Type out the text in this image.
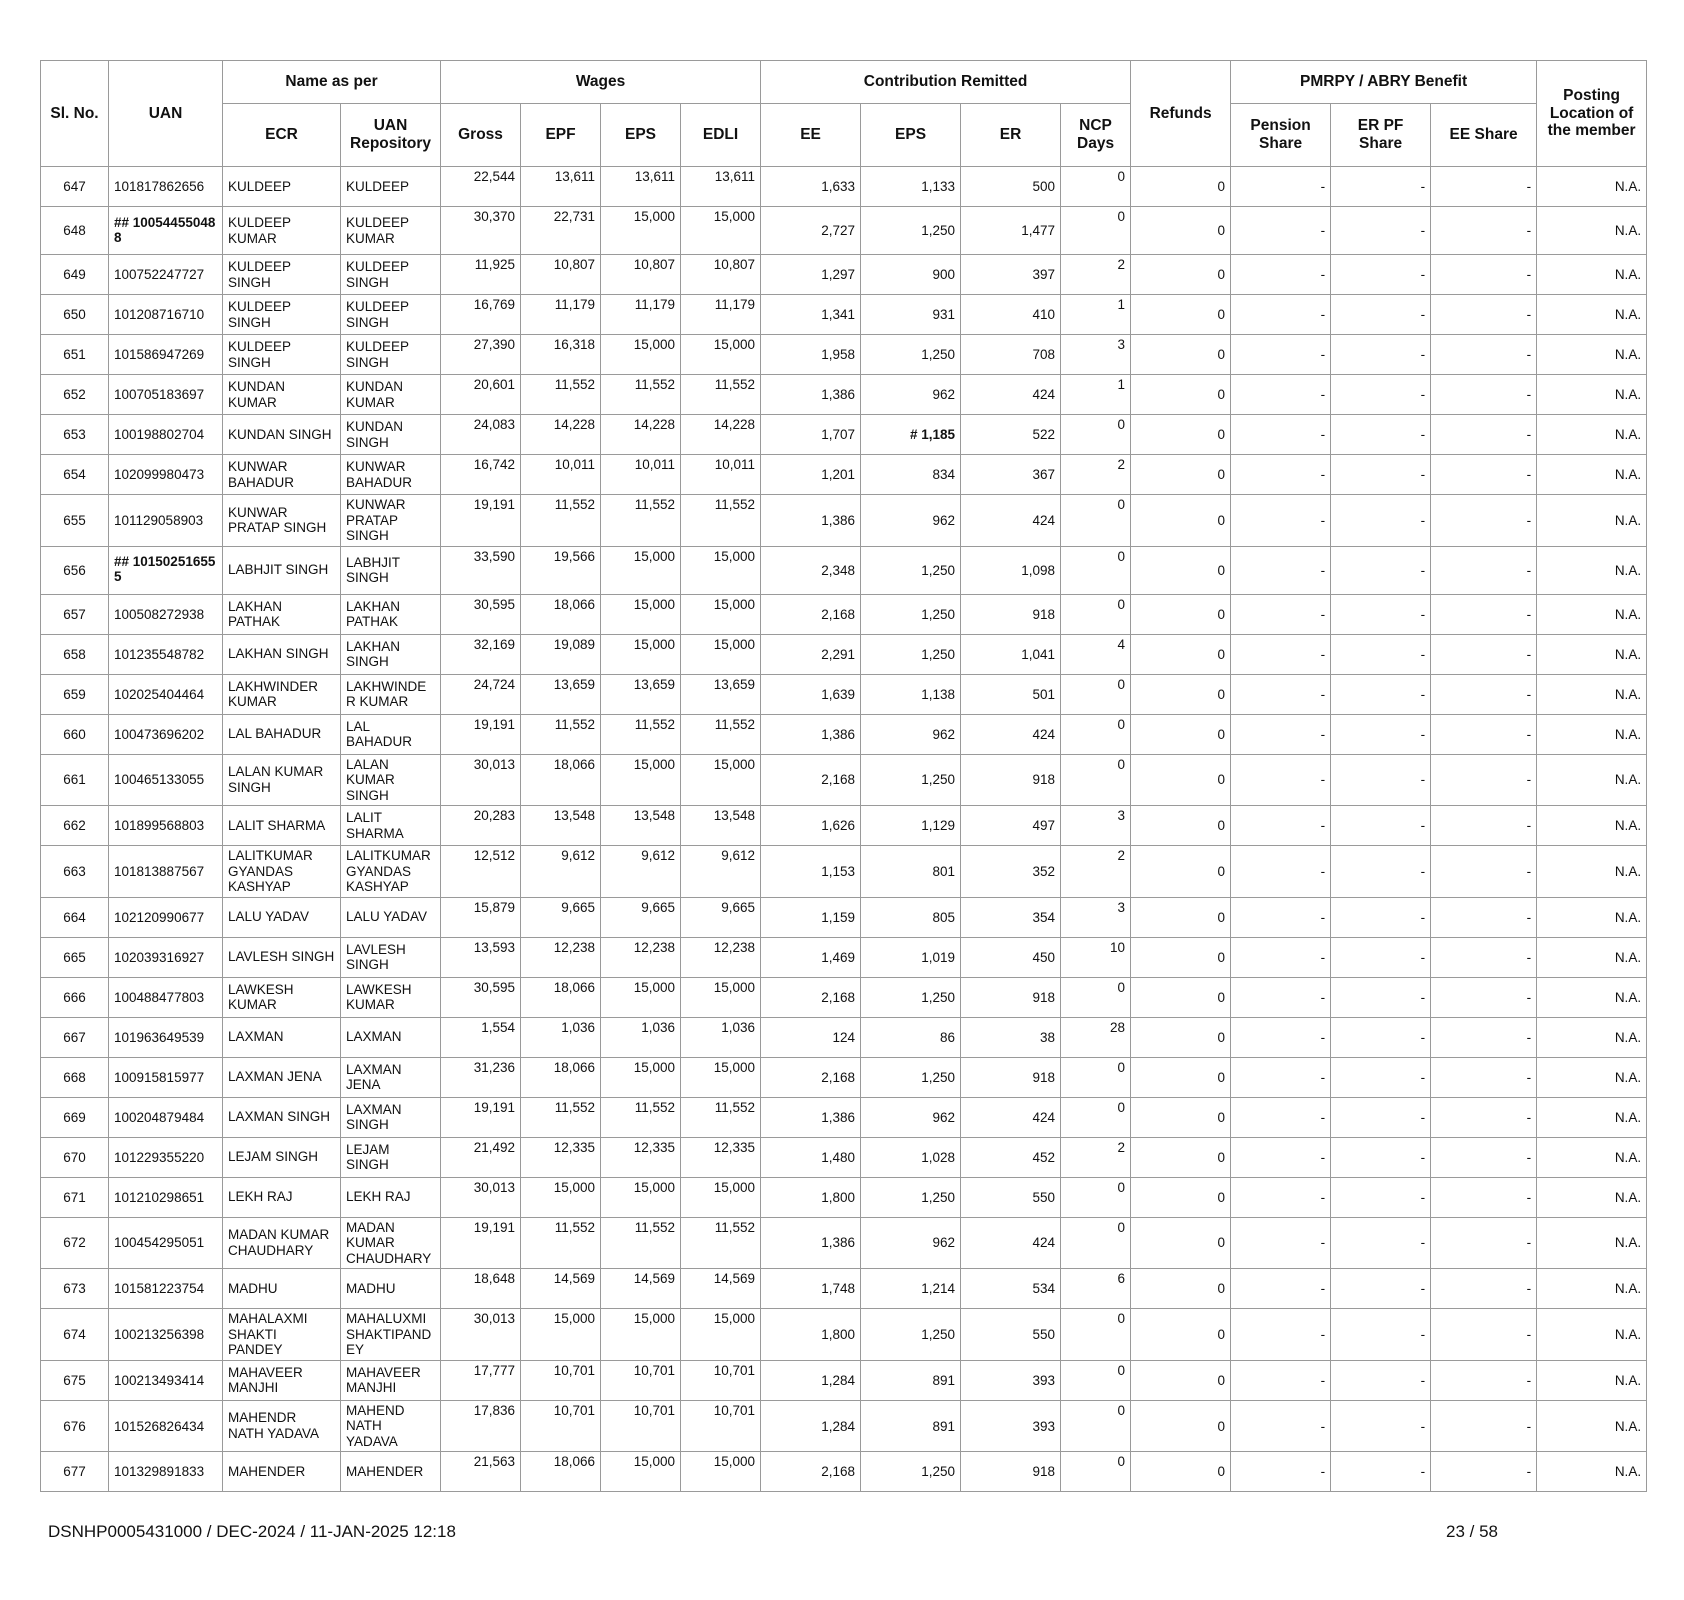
Sl. No.	UAN	Name as per		Wages				Contribution Remitted				Refunds	PMRPY / ABRY Benefit			Posting Location of the member
		ECR	UAN Repository	Gross	EPF	EPS	EDLI	EE	EPS	ER	NCP Days		Pension Share	ER PF Share	EE Share	
647	101817862656	KULDEEP	KULDEEP	22,544	13,611	13,611	13,611	1,633	1,133	500	0	0	-	-	-	N.A.
648	## 10054455048 8	KULDEEP KUMAR	KULDEEP KUMAR	30,370	22,731	15,000	15,000	2,727	1,250	1,477	0	0	-	-	-	N.A.
649	100752247727	KULDEEP SINGH	KULDEEP SINGH	11,925	10,807	10,807	10,807	1,297	900	397	2	0	-	-	-	N.A.
650	101208716710	KULDEEP SINGH	KULDEEP SINGH	16,769	11,179	11,179	11,179	1,341	931	410	1	0	-	-	-	N.A.
651	101586947269	KULDEEP SINGH	KULDEEP SINGH	27,390	16,318	15,000	15,000	1,958	1,250	708	3	0	-	-	-	N.A.
652	100705183697	KUNDAN KUMAR	KUNDAN KUMAR	20,601	11,552	11,552	11,552	1,386	962	424	1	0	-	-	-	N.A.
653	100198802704	KUNDAN SINGH	KUNDAN SINGH	24,083	14,228	14,228	14,228	1,707	# 1,185	522	0	0	-	-	-	N.A.
654	102099980473	KUNWAR BAHADUR	KUNWAR BAHADUR	16,742	10,011	10,011	10,011	1,201	834	367	2	0	-	-	-	N.A.
655	101129058903	KUNWAR PRATAP SINGH	KUNWAR PRATAP SINGH	19,191	11,552	11,552	11,552	1,386	962	424	0	0	-	-	-	N.A.
656	## 10150251655 5	LABHJIT SINGH	LABHJIT SINGH	33,590	19,566	15,000	15,000	2,348	1,250	1,098	0	0	-	-	-	N.A.
657	100508272938	LAKHAN PATHAK	LAKHAN PATHAK	30,595	18,066	15,000	15,000	2,168	1,250	918	0	0	-	-	-	N.A.
658	101235548782	LAKHAN SINGH	LAKHAN SINGH	32,169	19,089	15,000	15,000	2,291	1,250	1,041	4	0	-	-	-	N.A.
659	102025404464	LAKHWINDER KUMAR	LAKHWINDE R KUMAR	24,724	13,659	13,659	13,659	1,639	1,138	501	0	0	-	-	-	N.A.
660	100473696202	LAL BAHADUR	LAL BAHADUR	19,191	11,552	11,552	11,552	1,386	962	424	0	0	-	-	-	N.A.
661	100465133055	LALAN KUMAR SINGH	LALAN KUMAR SINGH	30,013	18,066	15,000	15,000	2,168	1,250	918	0	0	-	-	-	N.A.
662	101899568803	LALIT SHARMA	LALIT SHARMA	20,283	13,548	13,548	13,548	1,626	1,129	497	3	0	-	-	-	N.A.
663	101813887567	LALITKUMAR GYANDAS KASHYAP	LALITKUMAR GYANDAS KASHYAP	12,512	9,612	9,612	9,612	1,153	801	352	2	0	-	-	-	N.A.
664	102120990677	LALU YADAV	LALU YADAV	15,879	9,665	9,665	9,665	1,159	805	354	3	0	-	-	-	N.A.
665	102039316927	LAVLESH SINGH	LAVLESH SINGH	13,593	12,238	12,238	12,238	1,469	1,019	450	10	0	-	-	-	N.A.
666	100488477803	LAWKESH KUMAR	LAWKESH KUMAR	30,595	18,066	15,000	15,000	2,168	1,250	918	0	0	-	-	-	N.A.
667	101963649539	LAXMAN	LAXMAN	1,554	1,036	1,036	1,036	124	86	38	28	0	-	-	-	N.A.
668	100915815977	LAXMAN JENA	LAXMAN JENA	31,236	18,066	15,000	15,000	2,168	1,250	918	0	0	-	-	-	N.A.
669	100204879484	LAXMAN SINGH	LAXMAN SINGH	19,191	11,552	11,552	11,552	1,386	962	424	0	0	-	-	-	N.A.
670	101229355220	LEJAM SINGH	LEJAM SINGH	21,492	12,335	12,335	12,335	1,480	1,028	452	2	0	-	-	-	N.A.
671	101210298651	LEKH RAJ	LEKH RAJ	30,013	15,000	15,000	15,000	1,800	1,250	550	0	0	-	-	-	N.A.
672	100454295051	MADAN KUMAR CHAUDHARY	MADAN KUMAR CHAUDHARY	19,191	11,552	11,552	11,552	1,386	962	424	0	0	-	-	-	N.A.
673	101581223754	MADHU	MADHU	18,648	14,569	14,569	14,569	1,748	1,214	534	6	0	-	-	-	N.A.
674	100213256398	MAHALAXMI SHAKTI PANDEY	MAHALUXMI SHAKTIPAND EY	30,013	15,000	15,000	15,000	1,800	1,250	550	0	0	-	-	-	N.A.
675	100213493414	MAHAVEER MANJHI	MAHAVEER MANJHI	17,777	10,701	10,701	10,701	1,284	891	393	0	0	-	-	-	N.A.
676	101526826434	MAHENDR NATH YADAVA	MAHEND NATH YADAVA	17,836	10,701	10,701	10,701	1,284	891	393	0	0	-	-	-	N.A.
677	101329891833	MAHENDER	MAHENDER	21,563	18,066	15,000	15,000	2,168	1,250	918	0	0	-	-	-	N.A.
DSNHP0005431000 / DEC-2024 / 11-JAN-2025 12:18	23 / 58
